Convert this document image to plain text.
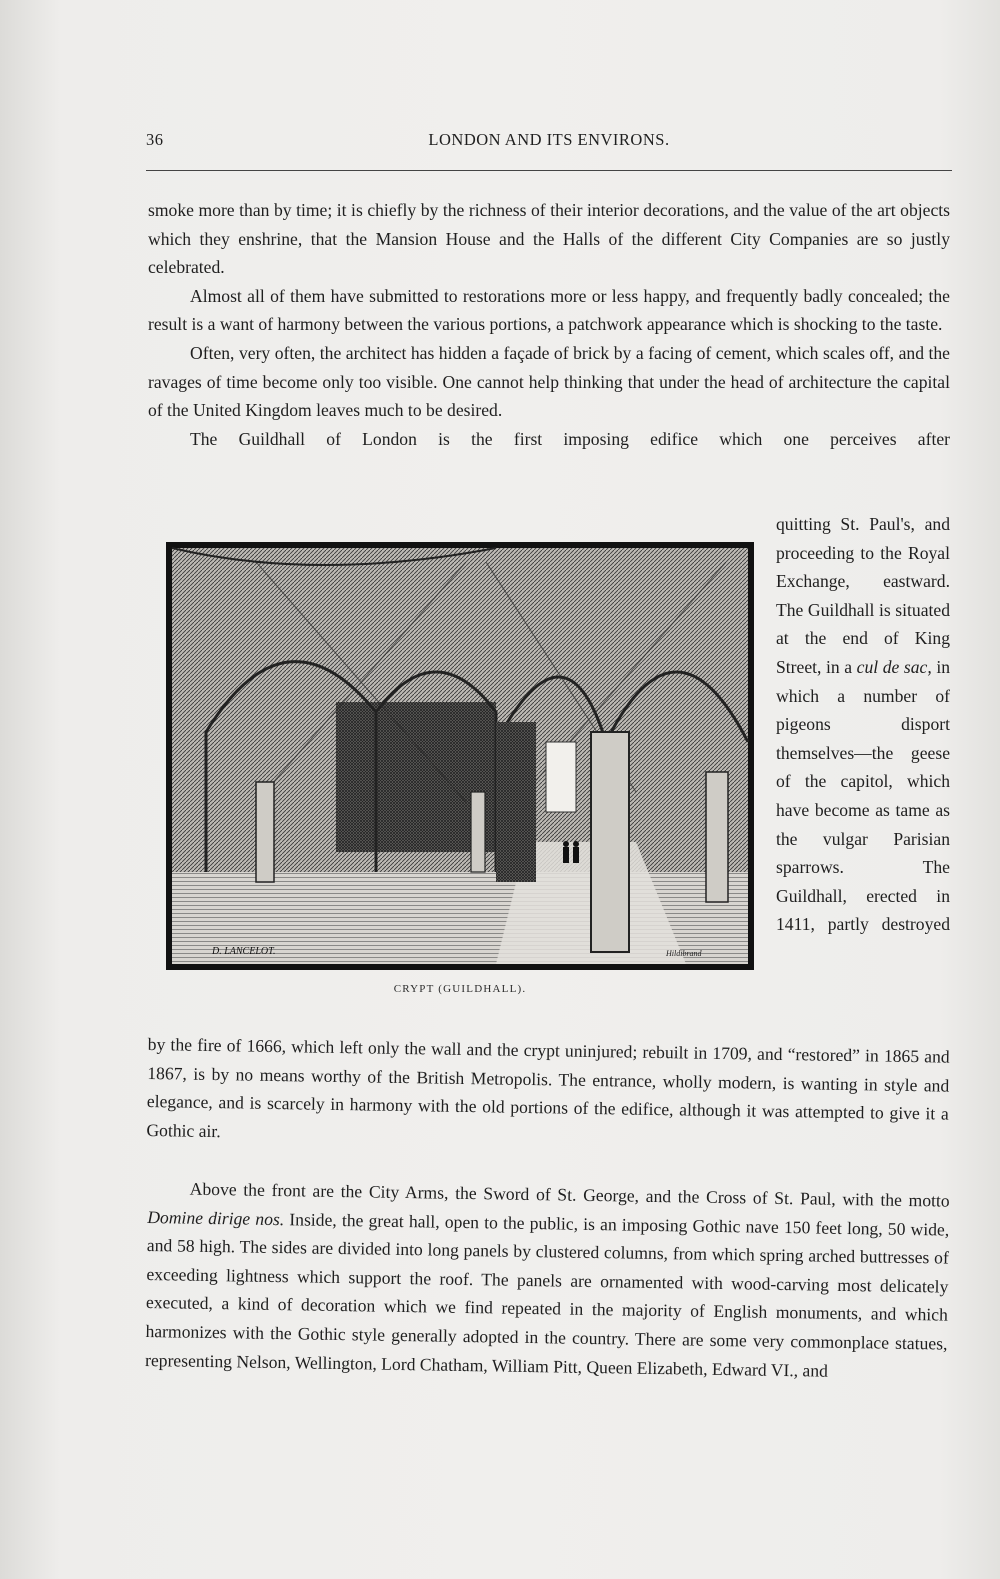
36	LONDON AND ITS ENVIRONS.

smoke more than by time; it is chiefly by the richness of their interior decorations, and the value of the art objects which they enshrine, that the Mansion House and the Halls of the different City Companies are so justly celebrated.

Almost all of them have submitted to restorations more or less happy, and frequently badly concealed; the result is a want of harmony between the various portions, a patchwork appearance which is shocking to the taste.

Often, very often, the architect has hidden a façade of brick by a facing of cement, which scales off, and the ravages of time become only too visible. One cannot help thinking that under the head of architecture the capital of the United Kingdom leaves much to be desired.

The Guildhall of London is the first imposing edifice which one perceives after

quitting St. Paul's, and proceeding to the Royal Exchange, eastward. The Guildhall is situated at the end of King Street, in a cul de sac, in which a number of pigeons disport themselves—the geese of the capitol, which have become as tame as the vulgar Parisian sparrows. The Guildhall, erected in 1411, partly destroyed

D. LANCELOT.	Hildibrand
CRYPT (GUILDHALL).

by the fire of 1666, which left only the wall and the crypt uninjured; rebuilt in 1709, and “restored” in 1865 and 1867, is by no means worthy of the British Metropolis. The entrance, wholly modern, is wanting in style and elegance, and is scarcely in harmony with the old portions of the edifice, although it was attempted to give it a Gothic air.

Above the front are the City Arms, the Sword of St. George, and the Cross of St. Paul, with the motto Domine dirige nos. Inside, the great hall, open to the public, is an imposing Gothic nave 150 feet long, 50 wide, and 58 high. The sides are divided into long panels by clustered columns, from which spring arched buttresses of exceeding lightness which support the roof. The panels are ornamented with wood-carving most delicately executed, a kind of decoration which we find repeated in the majority of English monuments, and which harmonizes with the Gothic style generally adopted in the country. There are some very commonplace statues, representing Nelson, Wellington, Lord Chatham, William Pitt, Queen Elizabeth, Edward VI., and
